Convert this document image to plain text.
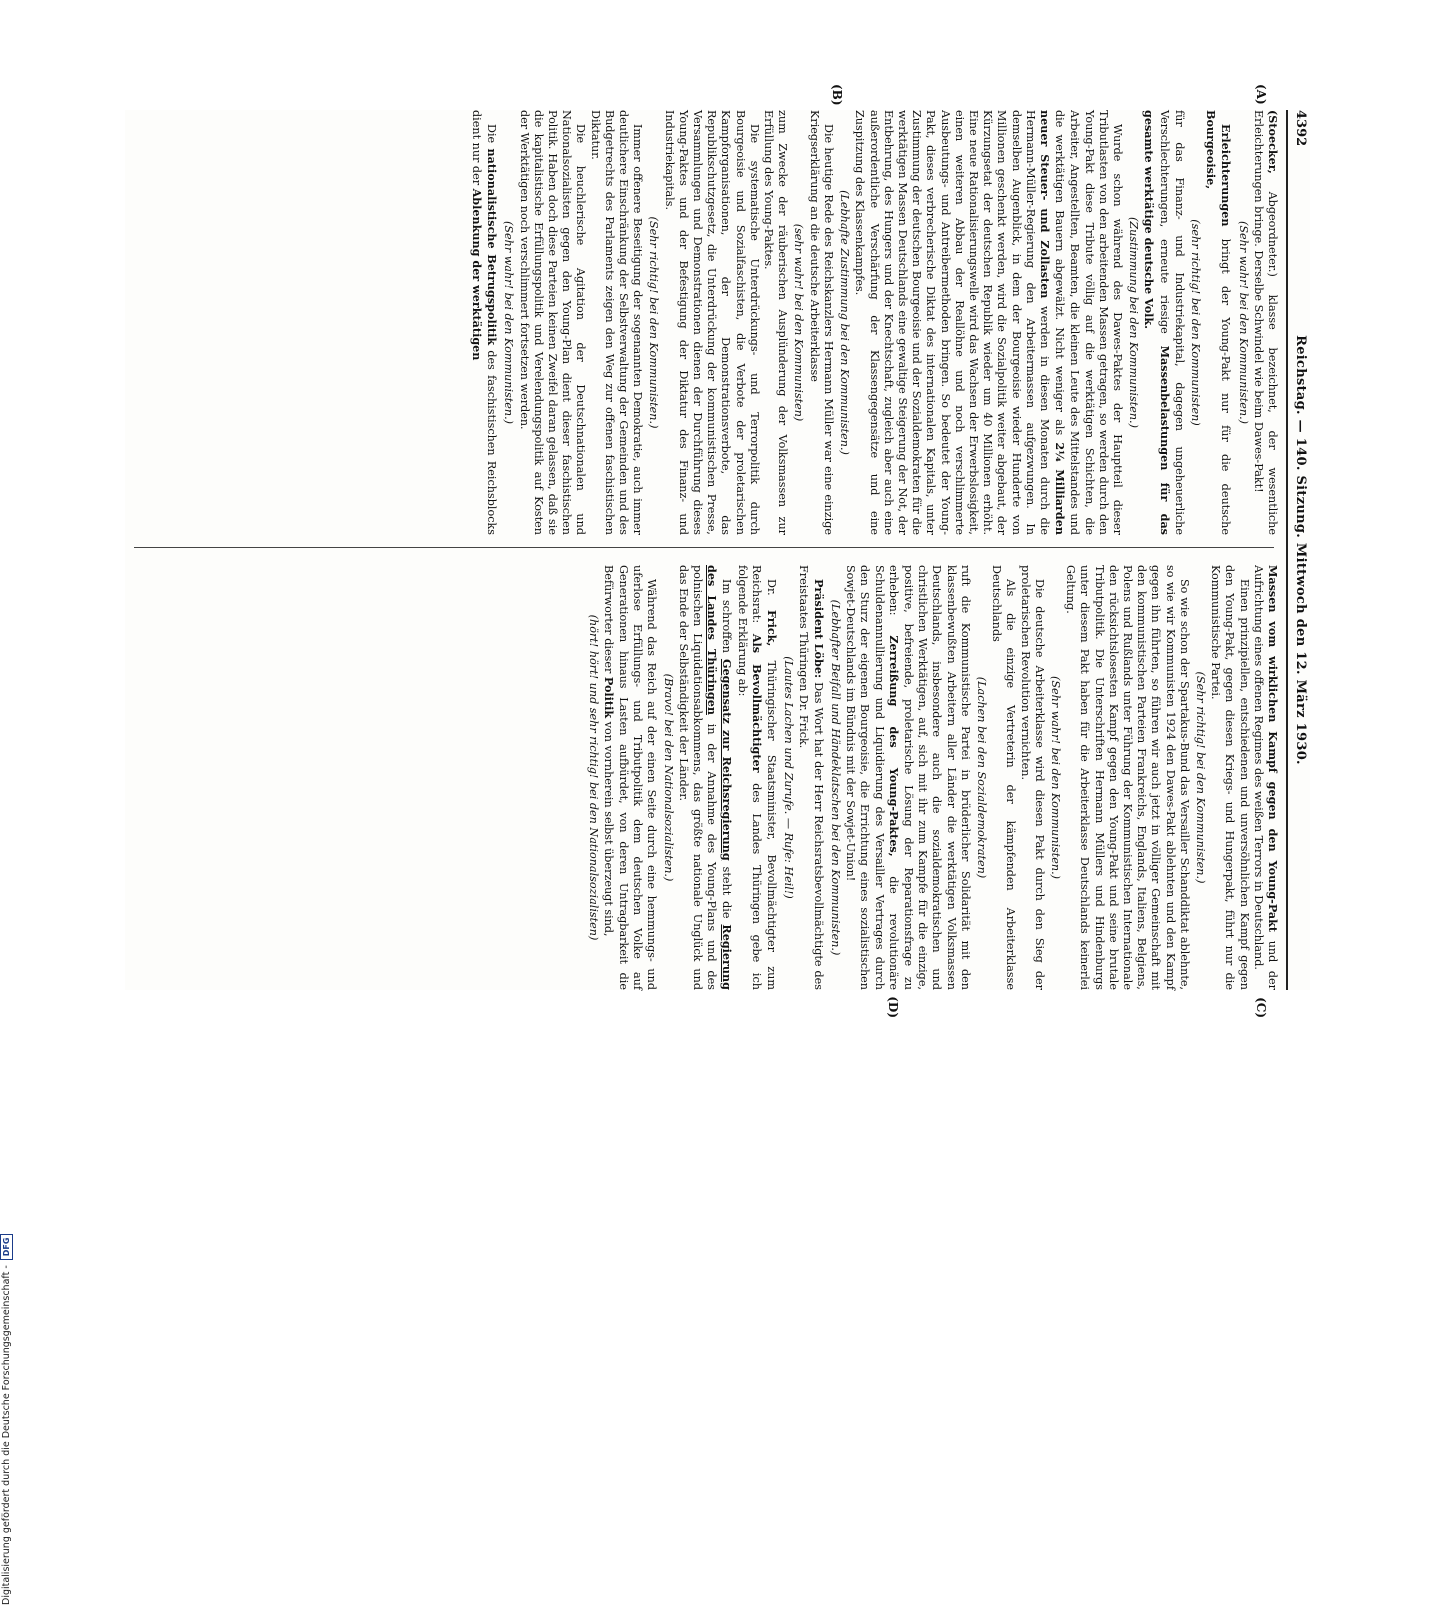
4392
Reichstag. — 140. Sitzung. Mittwoch den 12. März 1930.
(A)
(B)
(C)
(D)

(Stoecker, Abgeordneter.) klasse bezeichnet, der wesentliche Erleichterungen bringe. Derselbe Schwindel wie beim Dawes-Pakt!

(Sehr wahr! bei den Kommunisten.)

Erleichterungen bringt der Young-Pakt nur für die deutsche Bourgeoisie,

(sehr richtig! bei den Kommunisten)

für das Finanz- und Industriekapital, dagegen ungeheuerliche Verschlechterungen, erneute riesige Massenbelastungen für das gesamte werktätige deutsche Volk.

(Zustimmung bei den Kommunisten.)

Wurde schon während des Dawes-Paktes der Hauptteil dieser Tributlasten von den arbeitenden Massen getragen, so werden durch den Young-Pakt diese Tribute völlig auf die werktätigen Schichten, die Arbeiter, Angestellten, Beamten, die kleinen Leute des Mittelstandes und die werktätigen Bauern abgewälzt. Nicht weniger als 2¼ Milliarden neuer Steuer- und Zollasten werden in diesen Monaten durch die Hermann-Müller-Regierung den Arbeitermassen aufgezwungen. In demselben Augenblick, in dem der Bourgeoisie wieder Hunderte von Millionen geschenkt werden, wird die Sozialpolitik weiter abgebaut, der Kürzungsetat der deutschen Republik wieder um 40 Millionen erhöht. Eine neue Rationalisierungswelle wird das Wachsen der Erwerbslosigkeit, einen weiteren Abbau der Reallöhne und noch verschlimmerte Ausbeutungs- und Antreibermethoden bringen. So bedeutet der Young-Pakt, dieses verbrecherische Diktat des internationalen Kapitals, unter Zustimmung der deutschen Bourgeoisie und der Sozialdemokraten für die werktätigen Massen Deutschlands eine gewaltige Steigerung der Not, der Entbehrung, des Hungers und der Knechtschaft, zugleich aber auch eine außerordentliche Verschärfung der Klassengegensätze und eine Zuspitzung des Klassenkampfes.

(Lebhafte Zustimmung bei den Kommunisten.)

Die heutige Rede des Reichskanzlers Hermann Müller war eine einzige Kriegserklärung an die deutsche Arbeiterklasse

(sehr wahr! bei den Kommunisten)

zum Zwecke der räuberischen Ausplünderung der Volksmassen zur Erfüllung des Young-Paktes.

Die systematische Unterdrückungs- und Terrorpolitik durch Bourgeoisie und Sozialfaschisten, die Verbote der proletarischen Kampforganisationen, der Demonstrationsverbote, das Republikschutzgesetz, die Unterdrückung der kommunistischen Presse, Versammlungen und Demonstrationen dienen der Durchführung dieses Young-Paktes und der Befestigung der Diktatur des Finanz- und Industriekapitals.

(Sehr richtig! bei den Kommunisten.)

Immer offenere Beseitigung der sogenannten Demokratie, auch immer deutlichere Einschränkung der Selbstverwaltung der Gemeinden und des Budgetrechts des Parlaments zeigen den Weg zur offenen faschistischen Diktatur.

Die heuchlerische Agitation der Deutschnationalen und Nationalsozialisten gegen den Young-Plan dient dieser faschistischen Politik. Haben doch diese Parteien keinen Zweifel daran gelassen, daß sie die kapitalistische Erfüllungspolitik und Verelendungspolitik auf Kosten der Werktätigen noch verschlimmert fortsetzen werden.

(Sehr wahr! bei den Kommunisten.)

Die nationalistische Betrugspolitik des faschistischen Reichsblocks dient nur der Ablenkung der werktätigen

Massen vom wirklichen Kampf gegen den Young-Pakt und der Aufrichtung eines offenen Regimes des weißen Terrors in Deutschland.

Einen prinzipiellen, entschiedenen und unversöhnlichen Kampf gegen den Young-Pakt, gegen diesen Kriegs- und Hungerpakt, führt nur die Kommunistische Partei.

(Sehr richtig! bei den Kommunisten.)

So wie schon der Spartakus-Bund das Versailler Schanddiktat ablehnte, so wie wir Kommunisten 1924 den Dawes-Pakt ablehnten und den Kampf gegen ihn führten, so führen wir auch jetzt in völliger Gemeinschaft mit den kommunistischen Parteien Frankreichs, Englands, Italiens, Belgiens, Polens und Rußlands unter Führung der Kommunistischen Internationale den rücksichtslosesten Kampf gegen den Young-Pakt und seine brutale Tributpolitik. Die Unterschriften Hermann Müllers und Hindenburgs unter diesem Pakt haben für die Arbeiterklasse Deutschlands keinerlei Geltung.

(Sehr wahr! bei den Kommunisten.)

Die deutsche Arbeiterklasse wird diesen Pakt durch den Sieg der proletarischen Revolution vernichten.

Als die einzige Vertreterin der kämpfenden Arbeiterklasse Deutschlands

(Lachen bei den Sozialdemokraten)

ruft die Kommunistische Partei in brüderlicher Solidarität mit den klassenbewußten Arbeitern aller Länder die werktätigen Volksmassen Deutschlands, insbesondere auch die sozialdemokratischen und christlichen Werktätigen, auf, sich mit ihr zum Kampfe für die einzige, positive, befreiende, proletarische Lösung der Reparationsfrage zu erheben: Zerreißung des Young-Paktes, die revolutionäre Schuldenannullierung und Liquidierung des Versailler Vertrages durch den Sturz der eigenen Bourgeoisie, die Errichtung eines sozialistischen Sowjet-Deutschlands im Bündnis mit der Sowjet-Union!

(Lebhafter Beifall und Händeklatschen bei den Kommunisten.)

Präsident Löbe: Das Wort hat der Herr Reichsratsbevollmächtigte des Freistaates Thüringen Dr. Frick.

(Lautes Lachen und Zurufe. — Rufe: Heil!)

Dr. Frick, Thüringischer Staatsminister, Bevollmächtigter zum Reichsrat: Als Bevollmächtigter des Landes Thüringen gebe ich folgende Erklärung ab:

Im schroffen Gegensatz zur Reichsregierung steht die Regierung des Landes Thüringen in der Annahme des Young-Plans und des polnischen Liquidationsabkommens, das größte nationale Unglück und das Ende der Selbständigkeit der Länder.

(Bravo! bei den Nationalsozialisten.)

Während das Reich auf der einen Seite durch eine hemmungs- und uferlose Erfüllungs- und Tributpolitik dem deutschen Volke auf Generationen hinaus Lasten aufbürdet, von deren Untragbarkeit die Befürworter dieser Politik von vornherein selbst überzeugt sind,

(hört! hört! und sehr richtig! bei den Nationalsozialisten)

Digitalisierung gefördert durch die Deutsche Forschungsgemeinschaft - DFG
